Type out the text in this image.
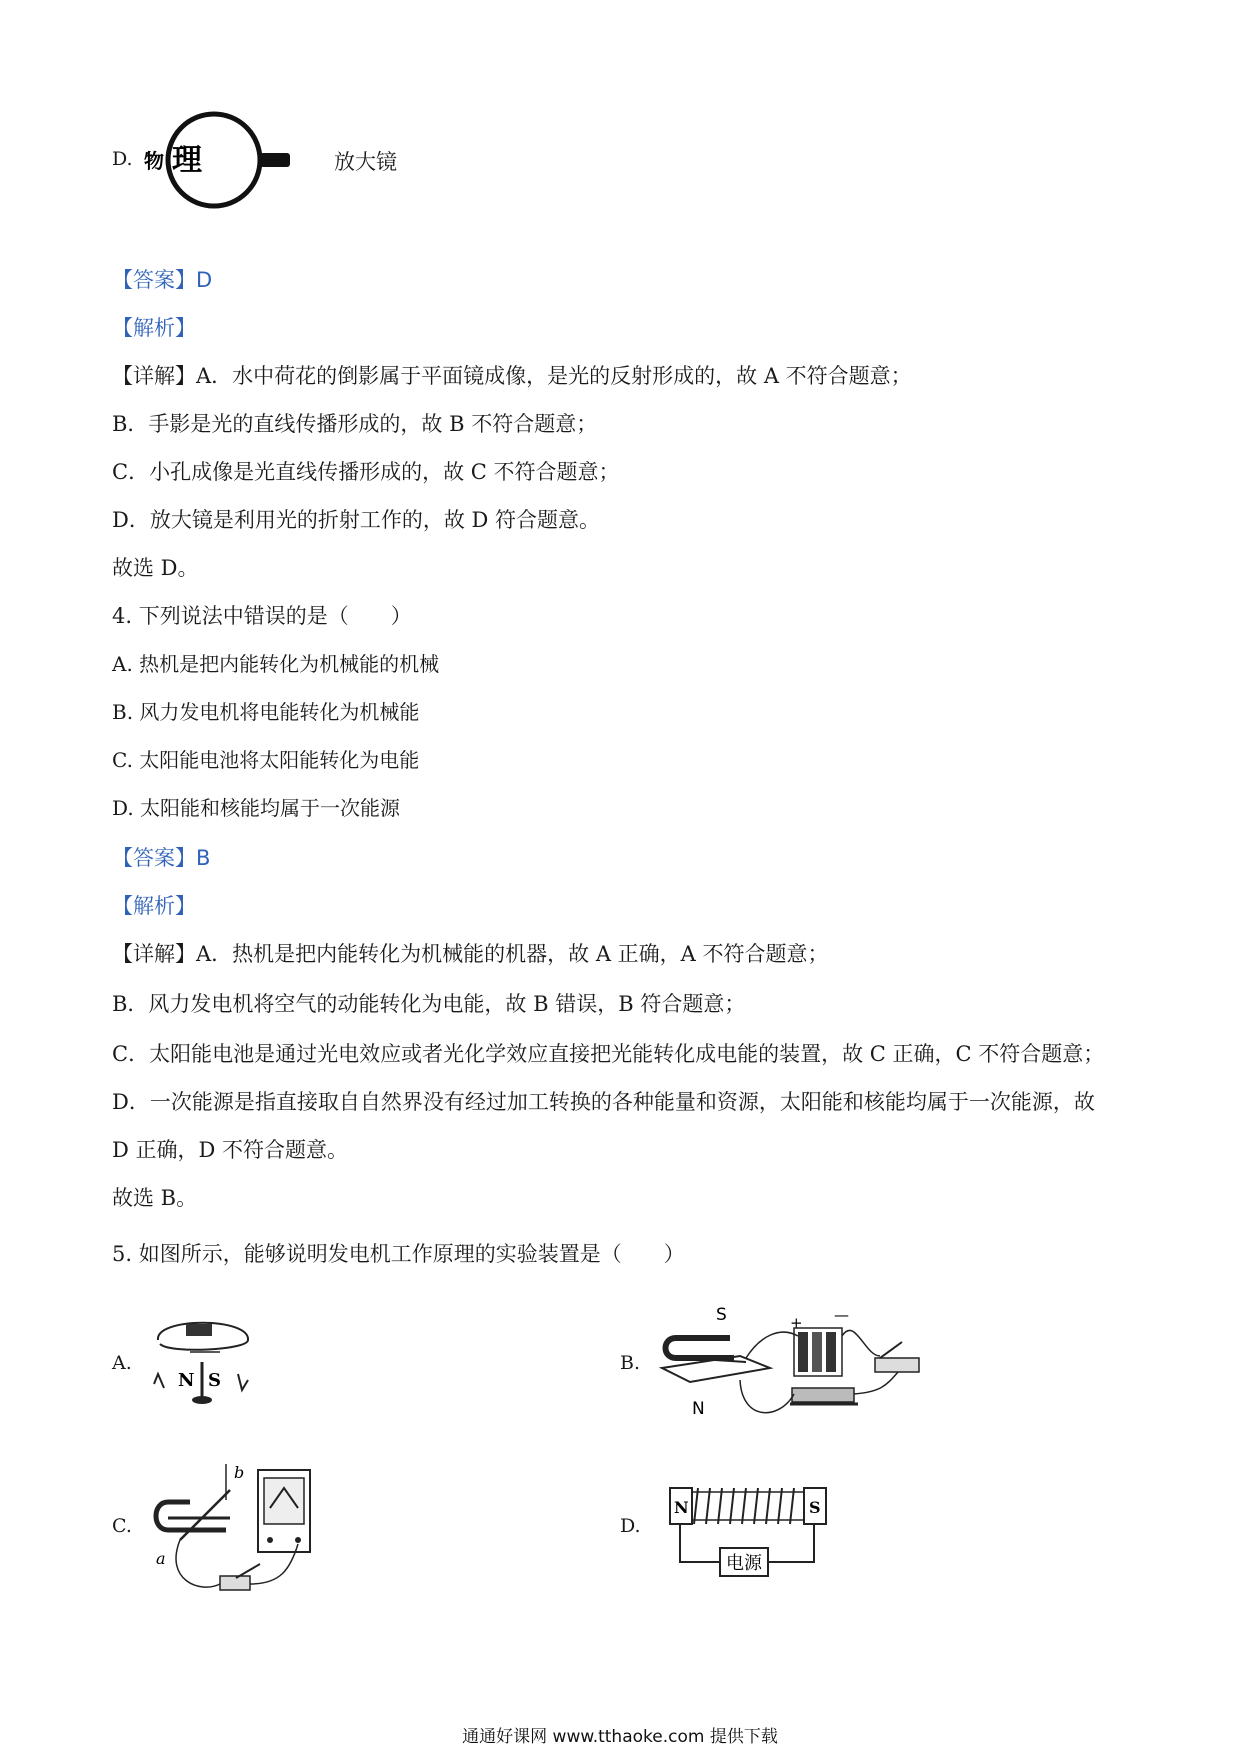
D. 物 理	放大镜
【答案】D
【解析】
【详解】A．水中荷花的倒影属于平面镜成像，是光的反射形成的，故 A 不符合题意；
B．手影是光的直线传播形成的，故 B 不符合题意；
C．小孔成像是光直线传播形成的，故 C 不符合题意；
D．放大镜是利用光的折射工作的，故 D 符合题意。
故选 D。
4. 下列说法中错误的是（　　）
A. 热机是把内能转化为机械能的机械
B. 风力发电机将电能转化为机械能
C. 太阳能电池将太阳能转化为电能
D. 太阳能和核能均属于一次能源
【答案】B
【解析】
【详解】A．热机是把内能转化为机械能的机器，故 A 正确，A 不符合题意；
B．风力发电机将空气的动能转化为电能，故 B 错误，B 符合题意；
C．太阳能电池是通过光电效应或者光化学效应直接把光能转化成电能的装置，故 C 正确，C 不符合题意；
D．一次能源是指直接取自自然界没有经过加工转换的各种能量和资源，太阳能和核能均属于一次能源，故
D 正确，D 不符合题意。
故选 B。
5. 如图所示，能够说明发电机工作原理的实验装置是（　　）
A.
N S
B.
S
N
+ —
C.
b
a
D.
N	S
电源
通通好课网 www.tthaoke.com 提供下载
